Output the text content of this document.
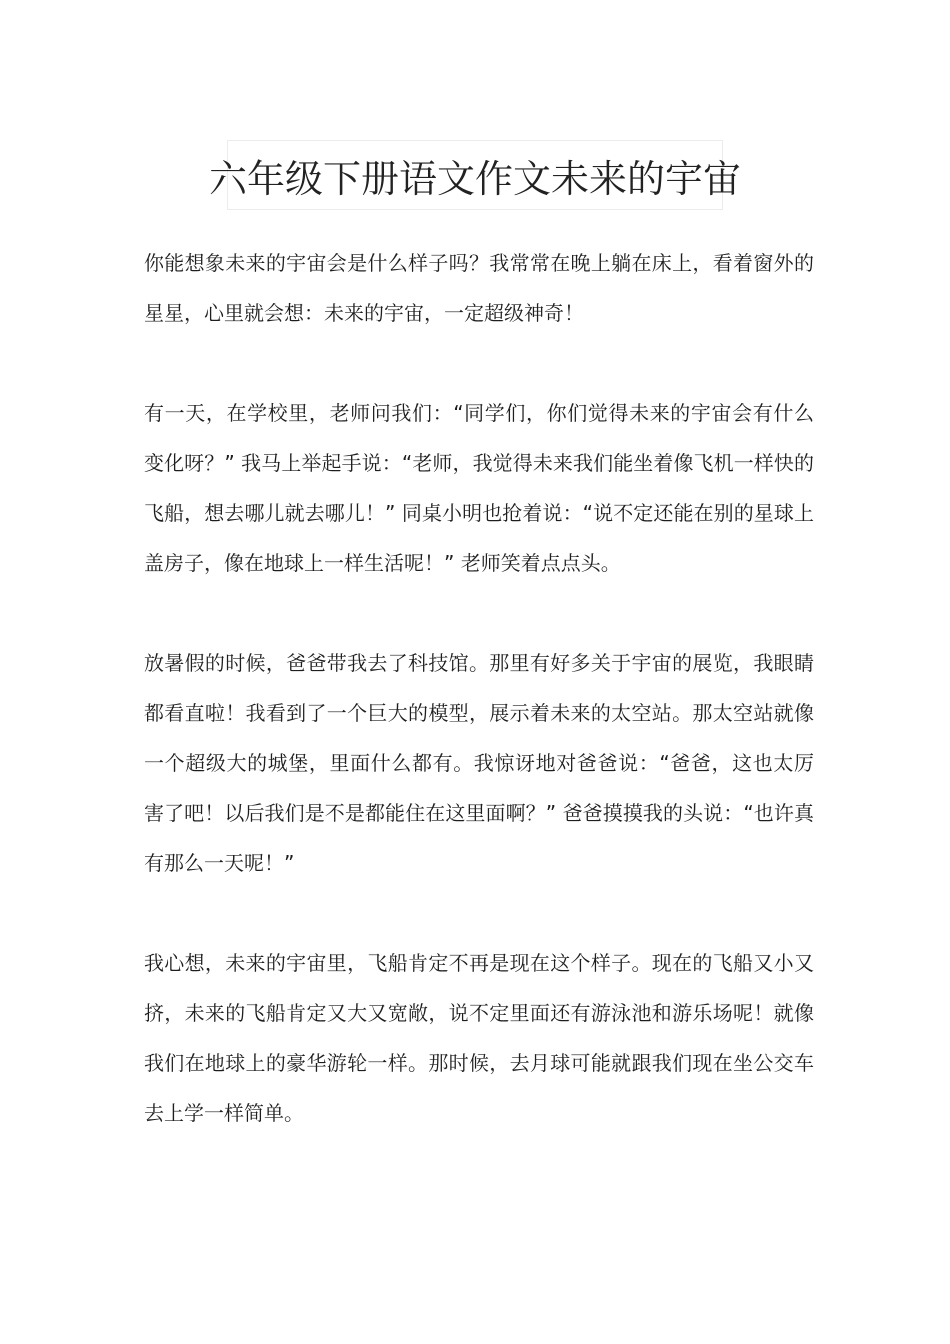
六年级下册语文作文未来的宇宙

你能想象未来的宇宙会是什么样子吗？我常常在晚上躺在床上，看着窗外的星星，心里就会想：未来的宇宙，一定超级神奇！

有一天，在学校里，老师问我们：“同学们，你们觉得未来的宇宙会有什么变化呀？” 我马上举起手说：“老师，我觉得未来我们能坐着像飞机一样快的飞船，想去哪儿就去哪儿！” 同桌小明也抢着说：“说不定还能在别的星球上盖房子，像在地球上一样生活呢！” 老师笑着点点头。

放暑假的时候，爸爸带我去了科技馆。那里有好多关于宇宙的展览，我眼睛都看直啦！我看到了一个巨大的模型，展示着未来的太空站。那太空站就像一个超级大的城堡，里面什么都有。我惊讶地对爸爸说：“爸爸，这也太厉害了吧！以后我们是不是都能住在这里面啊？” 爸爸摸摸我的头说：“也许真有那么一天呢！”

我心想，未来的宇宙里，飞船肯定不再是现在这个样子。现在的飞船又小又挤，未来的飞船肯定又大又宽敞，说不定里面还有游泳池和游乐场呢！就像我们在地球上的豪华游轮一样。那时候，去月球可能就跟我们现在坐公交车去上学一样简单。
